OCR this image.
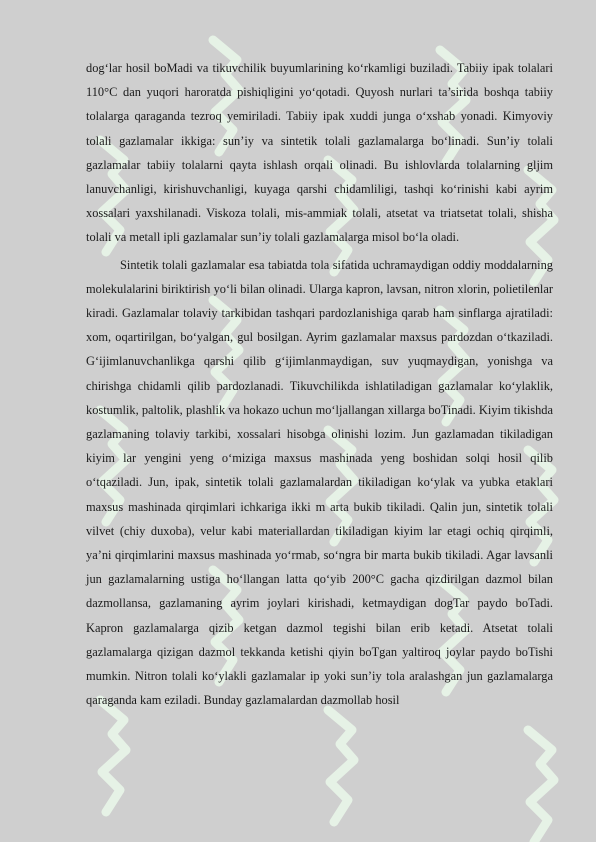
dog‘lar hosil boMadi va tikuvchilik buyumlarining ko‘rkamligi buziladi. Tabiiy ipak tolalari 110°C dan yuqori haroratda pishiqligini yo‘qotadi. Quyosh nurlari ta’sirida boshqa tabiiy tolalarga qaraganda tezroq yemiriladi. Tabiiy ipak xuddi junga o‘xshab yonadi. Kimyoviy tolali gazlamalar ikkiga: sun’iy va sintetik tolali gazlamalarga bo‘linadi. Sun’iy tolali gazlamalar tabiiy tolalarni qayta ishlash orqali olinadi. Bu ishlovlarda tolalarning gljim lanuvchanligi, kirishuvchanligi, kuyaga qarshi chidamliligi, tashqi ko‘rinishi kabi ayrim xossalari yaxshilanadi. Viskoza tolali, mis-ammiak tolali, atsetat va triatsetat tolali, shisha tolali va metall ipli gazlamalar sun’iy tolali gazlamalarga misol bo‘la oladi.

Sintetik tolali gazlamalar esa tabiatda tola sifatida uchramaydigan oddiy moddalarning molekulalarini biriktirish yo‘li bilan olinadi. Ularga kapron, lavsan, nitron xlorin, polietilenlar kiradi. Gazlamalar tolaviy tarkibidan tashqari pardozlanishiga qarab ham sinflarga ajratiladi: xom, oqartirilgan, bo‘yalgan, gul bosilgan. Ayrim gazlamalar maxsus pardozdan o‘tkaziladi. G‘ijimlanuvchanlikga qarshi qilib g‘ijimlanmaydigan, suv yuqmaydigan, yonishga va chirishga chidamli qilib pardozlanadi. Tikuvchilikda ishlatiladigan gazlamalar ko‘ylaklik, kostumlik, paltolik, plashlik va hokazo uchun mo‘ljallangan xillarga boTinadi. Kiyim tikishda gazlamaning tolaviy tarkibi, xossalari hisobga olinishi lozim. Jun gazlamadan tikiladigan kiyim lar yengini yeng o‘miziga maxsus mashinada yeng boshidan solqi hosil qilib o‘tqaziladi. Jun, ipak, sintetik tolali gazlamalardan tikiladigan ko‘ylak va yubka etaklari maxsus mashinada qirqimlari ichkariga ikki m arta bukib tikiladi. Qalin jun, sintetik tolali vilvet (chiy duxoba), velur kabi materiallardan tikiladigan kiyim lar etagi ochiq qirqimli, ya’ni qirqimlarini maxsus mashinada yo‘rmab, so‘ngra bir marta bukib tikiladi. Agar lavsanli jun gazlamalarning ustiga ho‘llangan latta qo‘yib 200°C gacha qizdirilgan dazmol bilan dazmollansa, gazlamaning ayrim joylari kirishadi, ketmaydigan dogTar paydo boTadi. Kapron gazlamalarga qizib ketgan dazmol tegishi bilan erib ketadi. Atsetat tolali gazlamalarga qizigan dazmol tekkanda ketishi qiyin boTgan yaltiroq joylar paydo boTishi mumkin. Nitron tolali ko‘ylakli gazlamalar ip yoki sun’iy tola aralashgan jun gazlamalarga qaraganda kam eziladi. Bunday gazlamalardan dazmollab hosil
